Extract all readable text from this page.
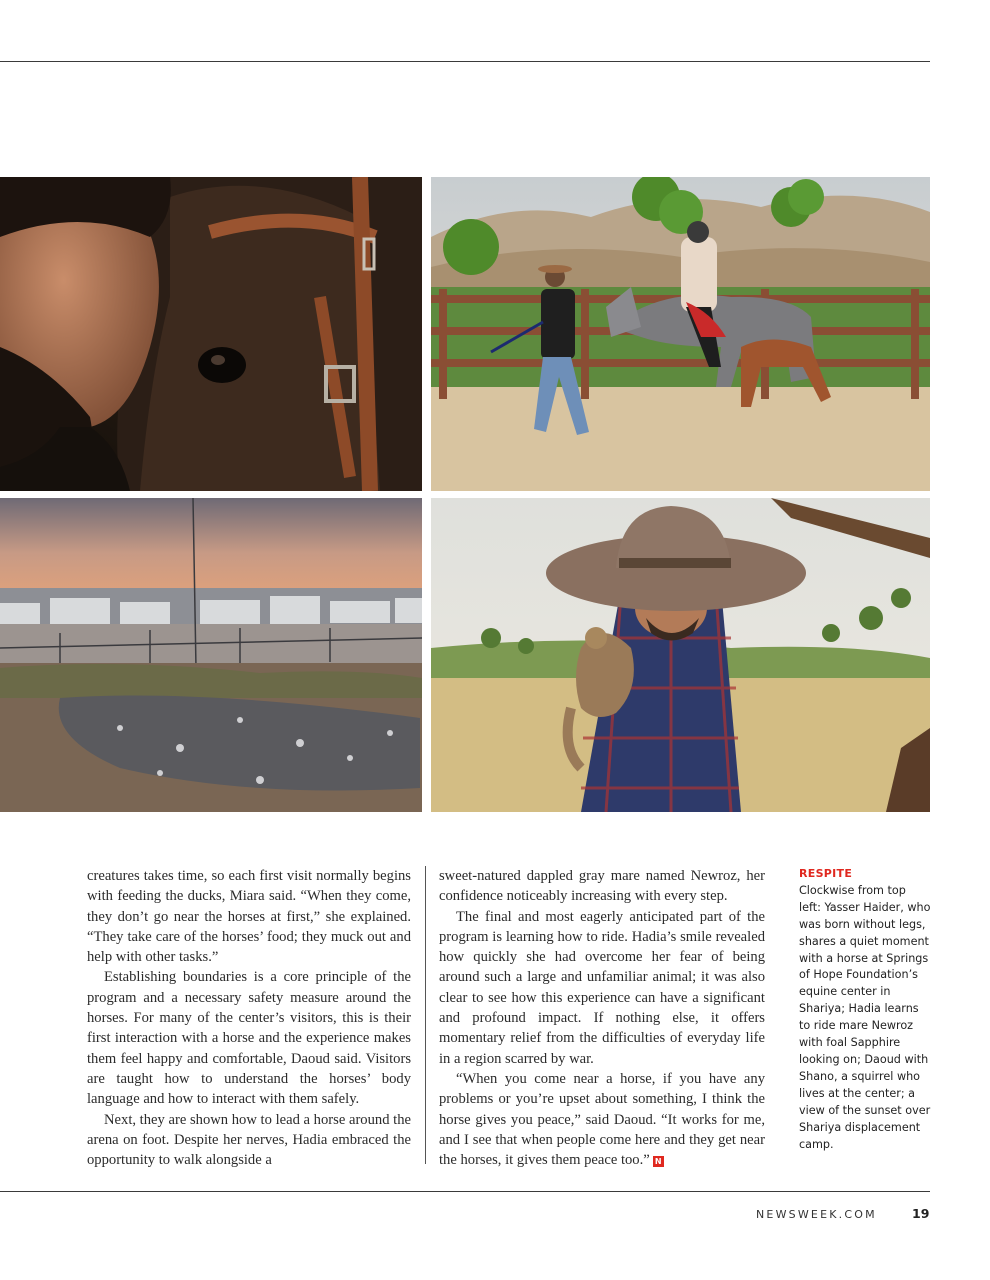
creatures takes time, so each first visit normally begins with feeding the ducks, Miara said. “When they come, they don’t go near the horses at first,” she explained. “They take care of the horses’ food; they muck out and help with other tasks.”

Establishing boundaries is a core principle of the program and a necessary safety measure around the horses. For many of the center’s visitors, this is their first interaction with a horse and the experience makes them feel happy and comfortable, Daoud said. Visitors are taught how to understand the horses’ body language and how to interact with them safely.

Next, they are shown how to lead a horse around the arena on foot. Despite her nerves, Hadia embraced the opportunity to walk alongside a

sweet-natured dappled gray mare named Newroz, her confidence noticeably increasing with every step.

The final and most eagerly anticipated part of the program is learning how to ride. Hadia’s smile revealed how quickly she had overcome her fear of being around such a large and unfamiliar animal; it was also clear to see how this experience can have a significant and profound impact. If nothing else, it offers momentary relief from the difficulties of everyday life in a region scarred by war.

“When you come near a horse, if you have any problems or you’re upset about something, I think the horse gives you peace,” said Daoud. “It works for me, and I see that when people come here and they get near the horses, it gives them peace too.” N

RESPITE
Clockwise from top left: Yasser Haider, who was born without legs, shares a quiet moment with a horse at Springs of Hope Foundation’s equine center in Shariya; Hadia learns to ride mare Newroz with foal Sapphire looking on; Daoud with Shano, a squirrel who lives at the center; a view of the sunset over Shariya displacement camp.
NEWSWEEK.COM	19
